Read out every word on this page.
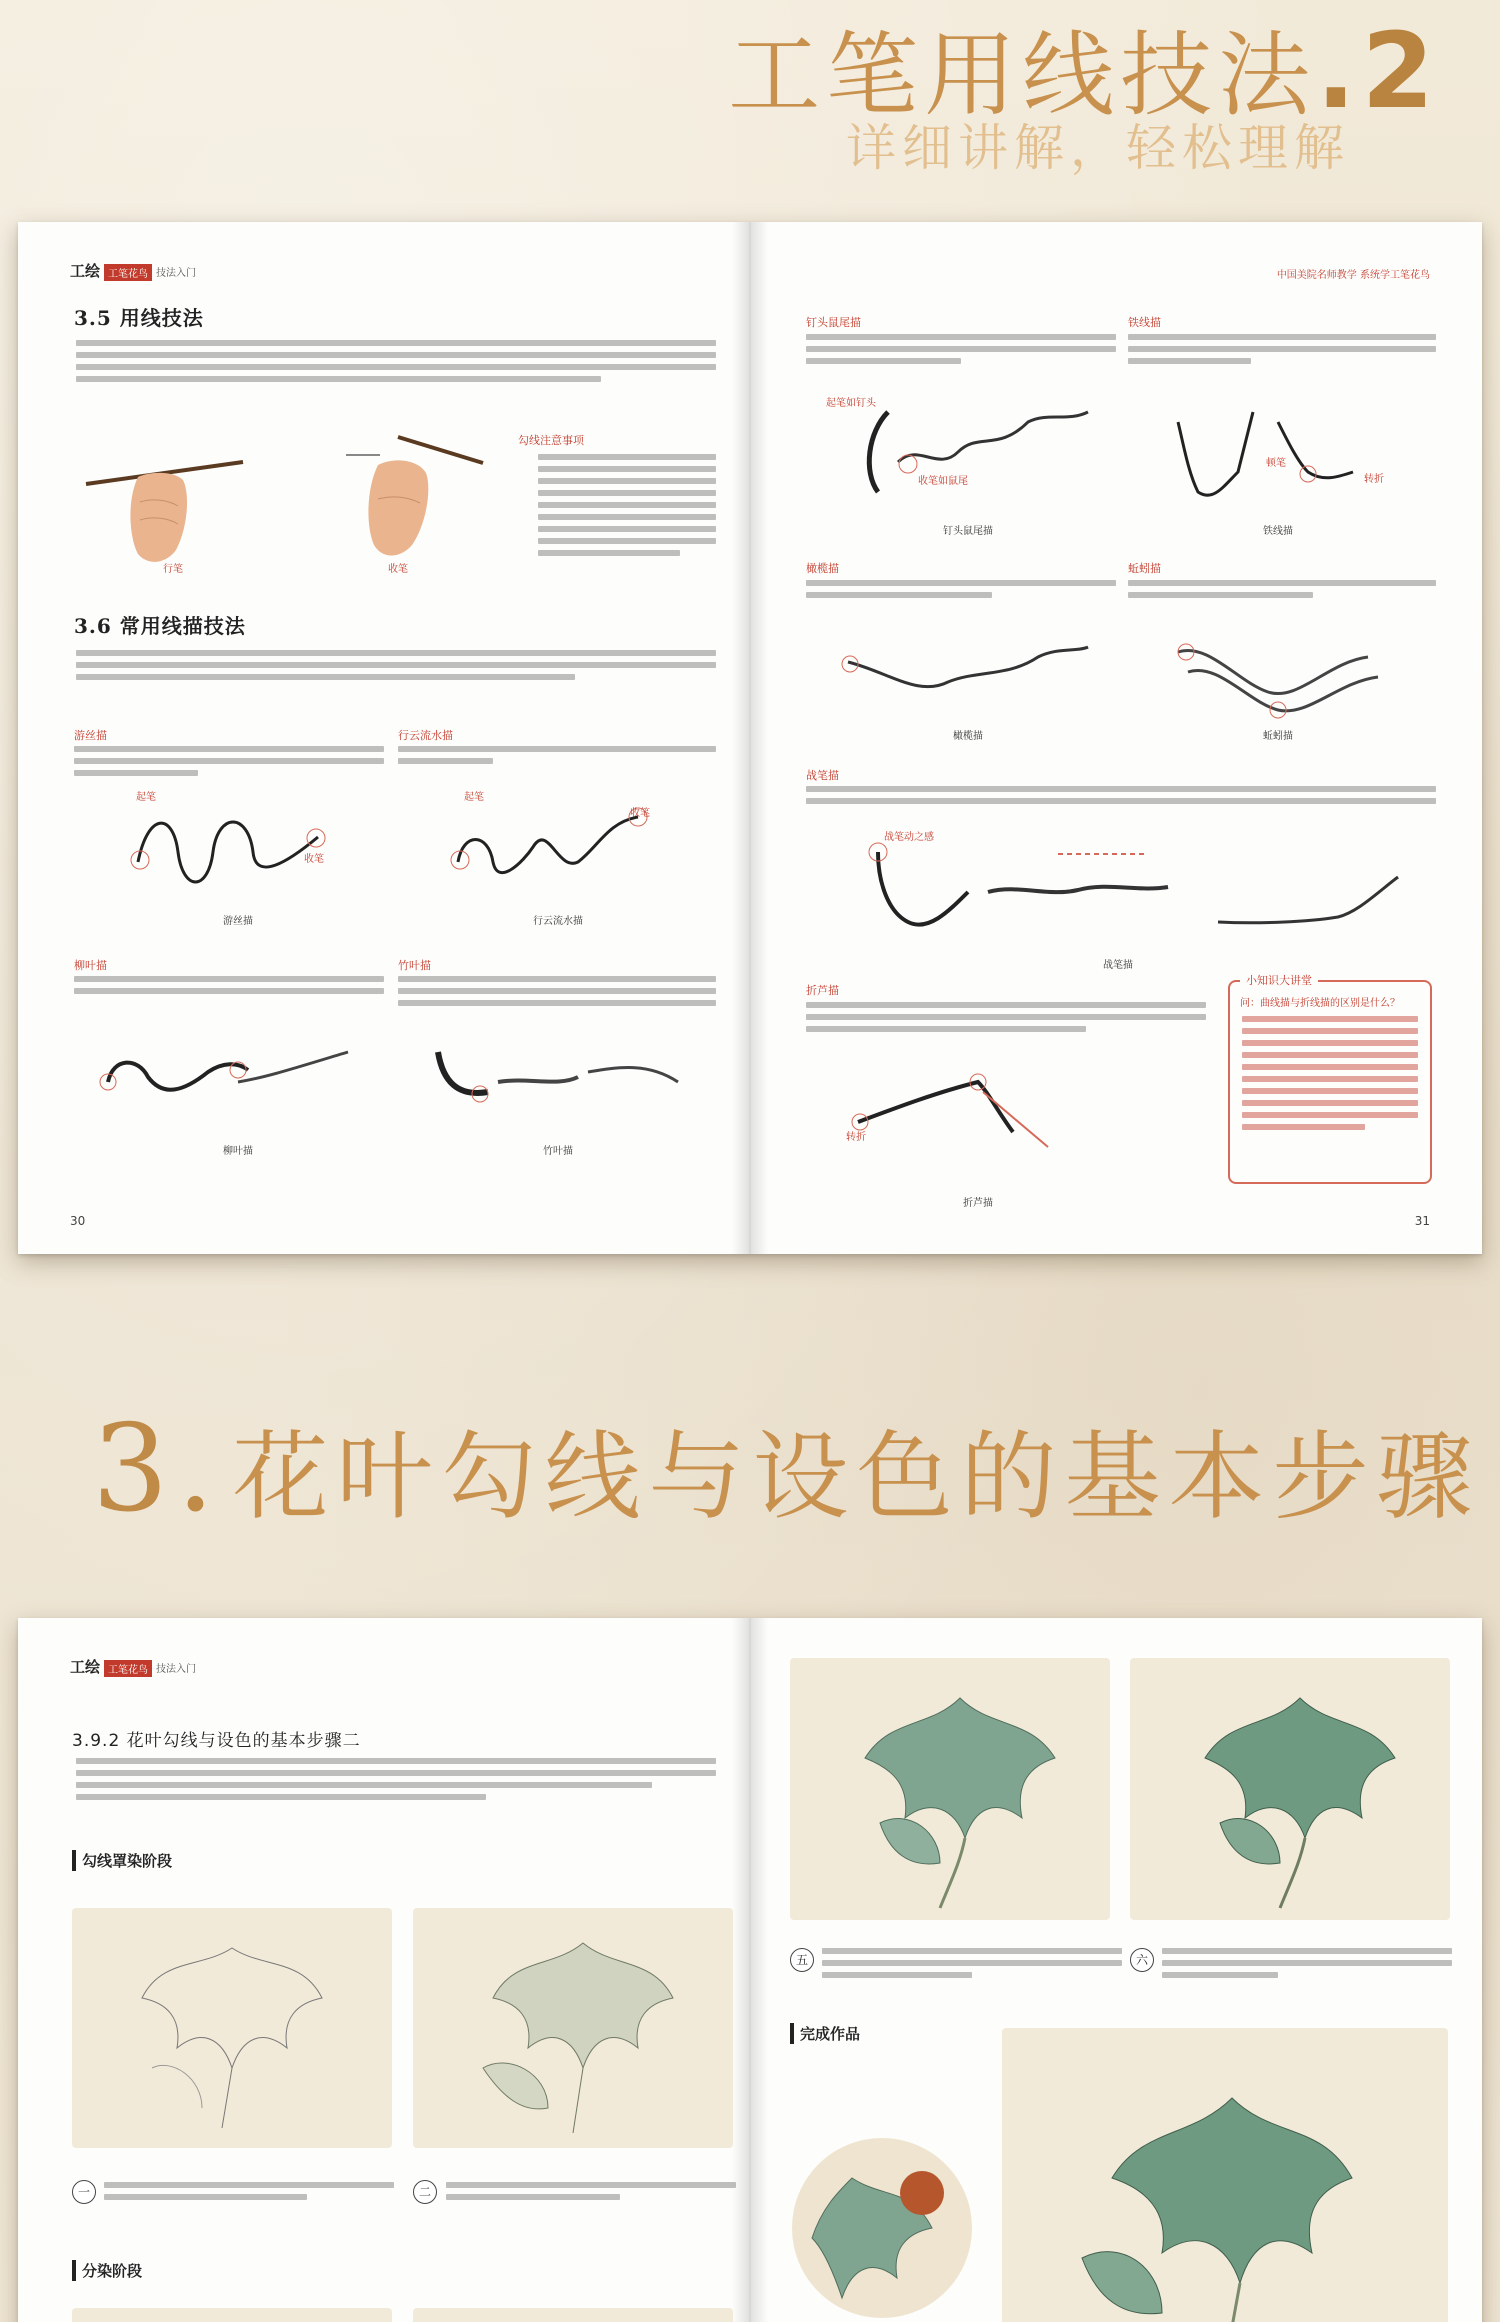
工笔用线技法.2
详细讲解，轻松理解
工绘 工笔花鸟 技法入门	中国美院名师教学 系统学工笔花鸟
3.5 用线技法
行笔	收笔
勾线注意事项
3.6 常用线描技法
游丝描
起笔
收笔
游丝描
行云流水描
起笔
收笔
行云流水描
柳叶描
柳叶描
竹叶描
竹叶描
30
钉头鼠尾描
起笔如钉头
收笔如鼠尾
钉头鼠尾描
铁线描
顿笔
转折
铁线描
橄榄描
橄榄描
蚯蚓描
蚯蚓描
战笔描
战笔动之感
战笔描
折芦描
转折
折芦描
小知识大讲堂
问：曲线描与折线描的区别是什么？
31
3. 花叶勾线与设色的基本步骤
工绘 工笔花鸟 技法入门
3.9.2 花叶勾线与设色的基本步骤二
勾线罩染阶段
一	二
分染阶段
五	六
完成作品
